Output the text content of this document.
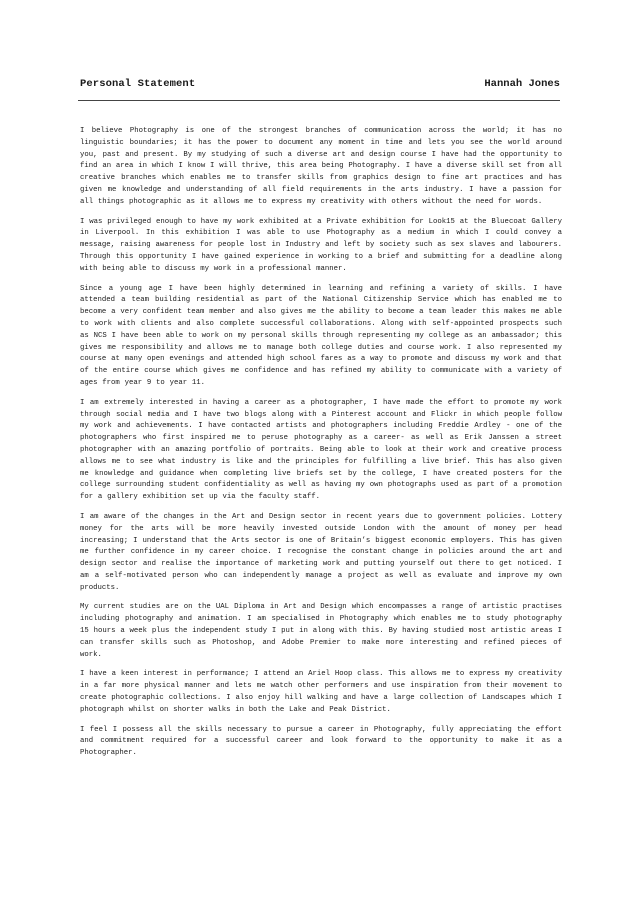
Personal Statement	Hannah Jones

I believe Photography is one of the strongest branches of communication across the world; it has no linguistic boundaries; it has the power to document any moment in time and lets you see the world around you, past and present. By my studying of such a diverse art and design course I have had the opportunity to find an area in which I know I will thrive, this area being Photography. I have a diverse skill set from all creative branches which enables me to transfer skills from graphics design to fine art practices and has given me knowledge and understanding of all field requirements in the arts industry. I have a passion for all things photographic as it allows me to express my creativity with others without the need for words.

I was privileged enough to have my work exhibited at a Private exhibition for Look15 at the Bluecoat Gallery in Liverpool. In this exhibition I was able to use Photography as a medium in which I could convey a message, raising awareness for people lost in Industry and left by society such as sex slaves and labourers. Through this opportunity I have gained experience in working to a brief and submitting for a deadline along with being able to discuss my work in a professional manner.

Since a young age I have been highly determined in learning and refining a variety of skills. I have attended a team building residential as part of the National Citizenship Service which has enabled me to become a very confident team member and also gives me the ability to become a team leader this makes me able to work with clients and also complete successful collaborations. Along with self-appointed prospects such as NCS I have been able to work on my personal skills through representing my college as an ambassador; this gives me responsibility and allows me to manage both college duties and course work. I also represented my course at many open evenings and attended high school fares as a way to promote and discuss my work and that of the entire course which gives me confidence and has refined my ability to communicate with a variety of ages from year 9 to year 11.

I am extremely interested in having a career as a photographer, I have made the effort to promote my work through social media and I have two blogs along with a Pinterest account and Flickr in which people follow my work and achievements. I have contacted artists and photographers including Freddie Ardley - one of the photographers who first inspired me to peruse photography as a career- as well as Erik Janssen a street photographer with an amazing portfolio of portraits. Being able to look at their work and creative process allows me to see what industry is like and the principles for fulfilling a live brief. This has also given me knowledge and guidance when completing live briefs set by the college, I have created posters for the college surrounding student confidentiality as well as having my own photographs used as part of a promotion for a gallery exhibition set up via the faculty staff.

I am aware of the changes in the Art and Design sector in recent years due to government policies. Lottery money for the arts will be more heavily invested outside London with the amount of money per head increasing; I understand that the Arts sector is one of Britain’s biggest economic employers. This has given me further confidence in my career choice. I recognise the constant change in policies around the art and design sector and realise the importance of marketing work and putting yourself out there to get noticed. I am a self-motivated person who can independently manage a project as well as evaluate and improve my own products.

My current studies are on the UAL Diploma in Art and Design which encompasses a range of artistic practises including photography and animation. I am specialised in Photography which enables me to study photography 15 hours a week plus the independent study I put in along with this. By having studied most artistic areas I can transfer skills such as Photoshop, and Adobe Premier to make more interesting and refined pieces of work.

I have a keen interest in performance; I attend an Ariel Hoop class. This allows me to express my creativity in a far more physical manner and lets me watch other performers and use inspiration from their movement to create photographic collections. I also enjoy hill walking and have a large collection of Landscapes which I photograph whilst on shorter walks in both the Lake and Peak District.

I feel I possess all the skills necessary to pursue a career in Photography, fully appreciating the effort and commitment required for a successful career and look forward to the opportunity to make it as a Photographer.
